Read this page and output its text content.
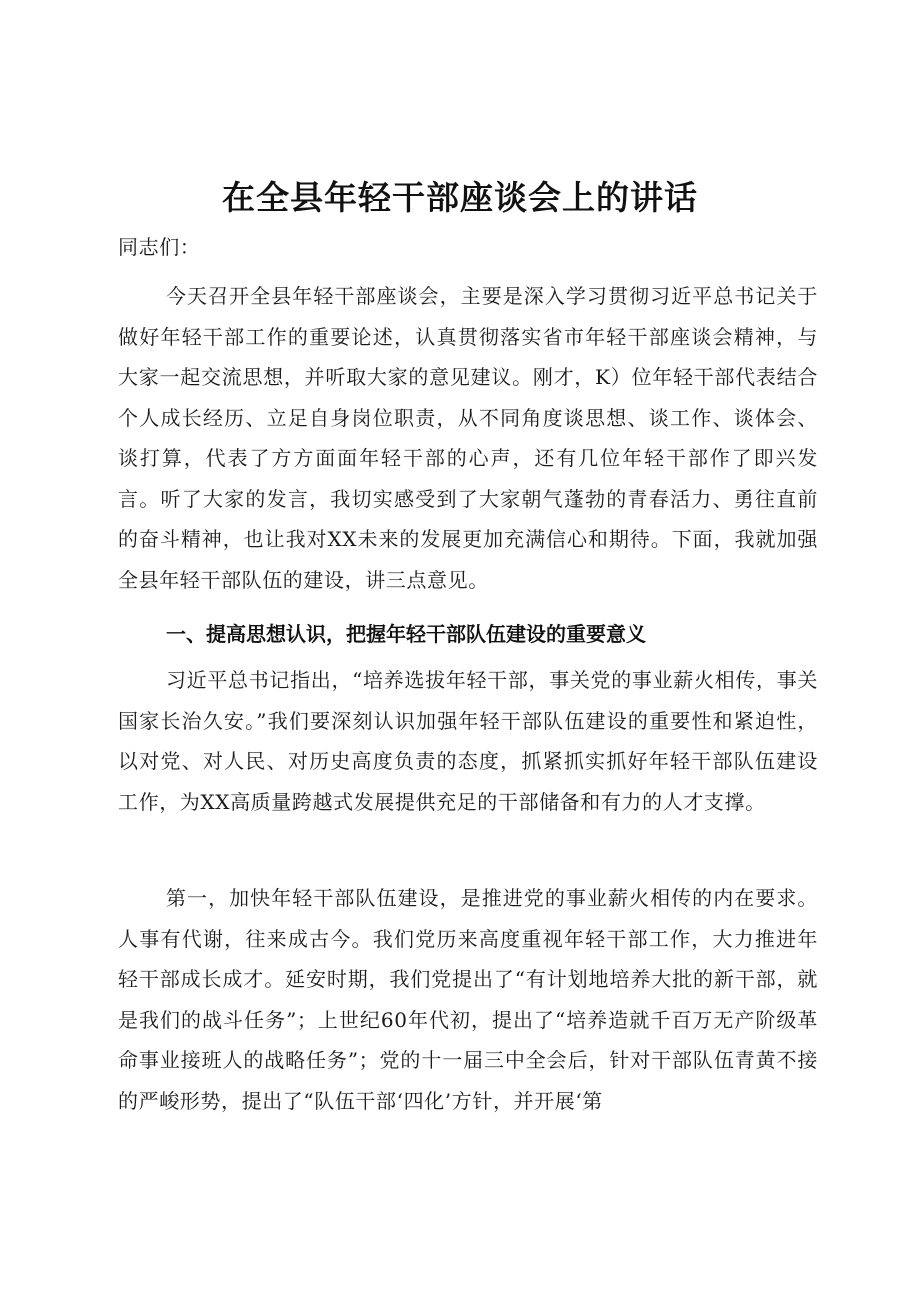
在全县年轻干部座谈会上的讲话

同志们：

今天召开全县年轻干部座谈会，主要是深入学习贯彻习近平总书记关于做好年轻干部工作的重要论述，认真贯彻落实省市年轻干部座谈会精神，与大家一起交流思想，并听取大家的意见建议。刚才，K）位年轻干部代表结合个人成长经历、立足自身岗位职责，从不同角度谈思想、谈工作、谈体会、谈打算，代表了方方面面年轻干部的心声，还有几位年轻干部作了即兴发言。听了大家的发言，我切实感受到了大家朝气蓬勃的青春活力、勇往直前的奋斗精神，也让我对XX未来的发展更加充满信心和期待。下面，我就加强全县年轻干部队伍的建设，讲三点意见。

一、提高思想认识，把握年轻干部队伍建设的重要意义

习近平总书记指出，“培养选拔年轻干部，事关党的事业薪火相传，事关国家长治久安。”我们要深刻认识加强年轻干部队伍建设的重要性和紧迫性，以对党、对人民、对历史高度负责的态度，抓紧抓实抓好年轻干部队伍建设工作，为XX高质量跨越式发展提供充足的干部储备和有力的人才支撑。

第一，加快年轻干部队伍建设，是推进党的事业薪火相传的内在要求。人事有代谢，往来成古今。我们党历来高度重视年轻干部工作，大力推进年轻干部成长成才。延安时期，我们党提出了“有计划地培养大批的新干部，就是我们的战斗任务”；上世纪60年代初，提出了“培养造就千百万无产阶级革命事业接班人的战略任务”；党的十一届三中全会后，针对干部队伍青黄不接的严峻形势，提出了“队伍干部‘四化’方针，并开展‘第
